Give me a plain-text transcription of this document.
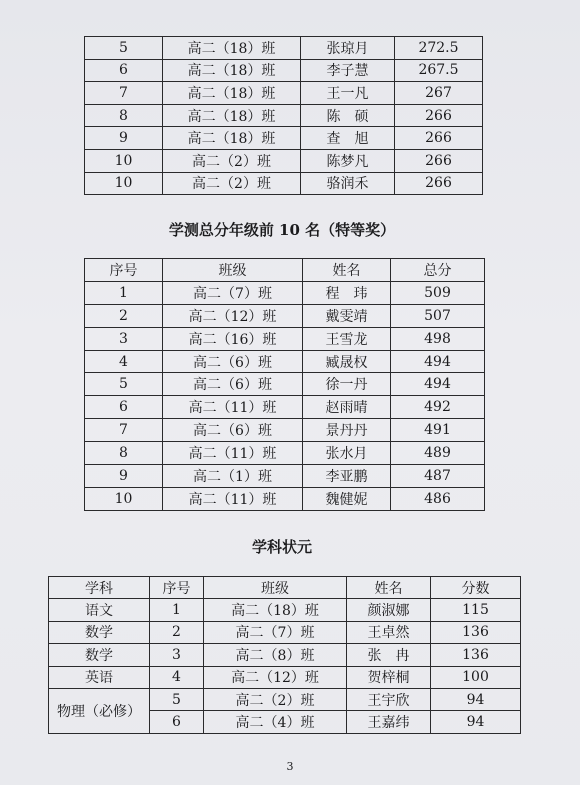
5	高二（18）班	张琼月	272.5
6	高二（18）班	李子慧	267.5
7	高二（18）班	王一凡	267
8	高二（18）班	陈　硕	266
9	高二（18）班	查　旭	266
10	高二（2）班	陈梦凡	266
10	高二（2）班	骆润禾	266
学测总分年级前 10 名（特等奖）
序号	班级	姓名	总分
1	高二（7）班	程　玮	509
2	高二（12）班	戴雯靖	507
3	高二（16）班	王雪龙	498
4	高二（6）班	臧晟权	494
5	高二（6）班	徐一丹	494
6	高二（11）班	赵雨晴	492
7	高二（6）班	景丹丹	491
8	高二（11）班	张水月	489
9	高二（1）班	李亚鹏	487
10	高二（11）班	魏健妮	486
学科状元
学科	序号	班级	姓名	分数
语文	1	高二（18）班	颜淑娜	115
数学	2	高二（7）班	王卓然	136
数学	3	高二（8）班	张　冉	136
英语	4	高二（12）班	贺梓桐	100
物理（必修）	5	高二（2）班	王宇欣	94
	6	高二（4）班	王嘉纬	94
3
